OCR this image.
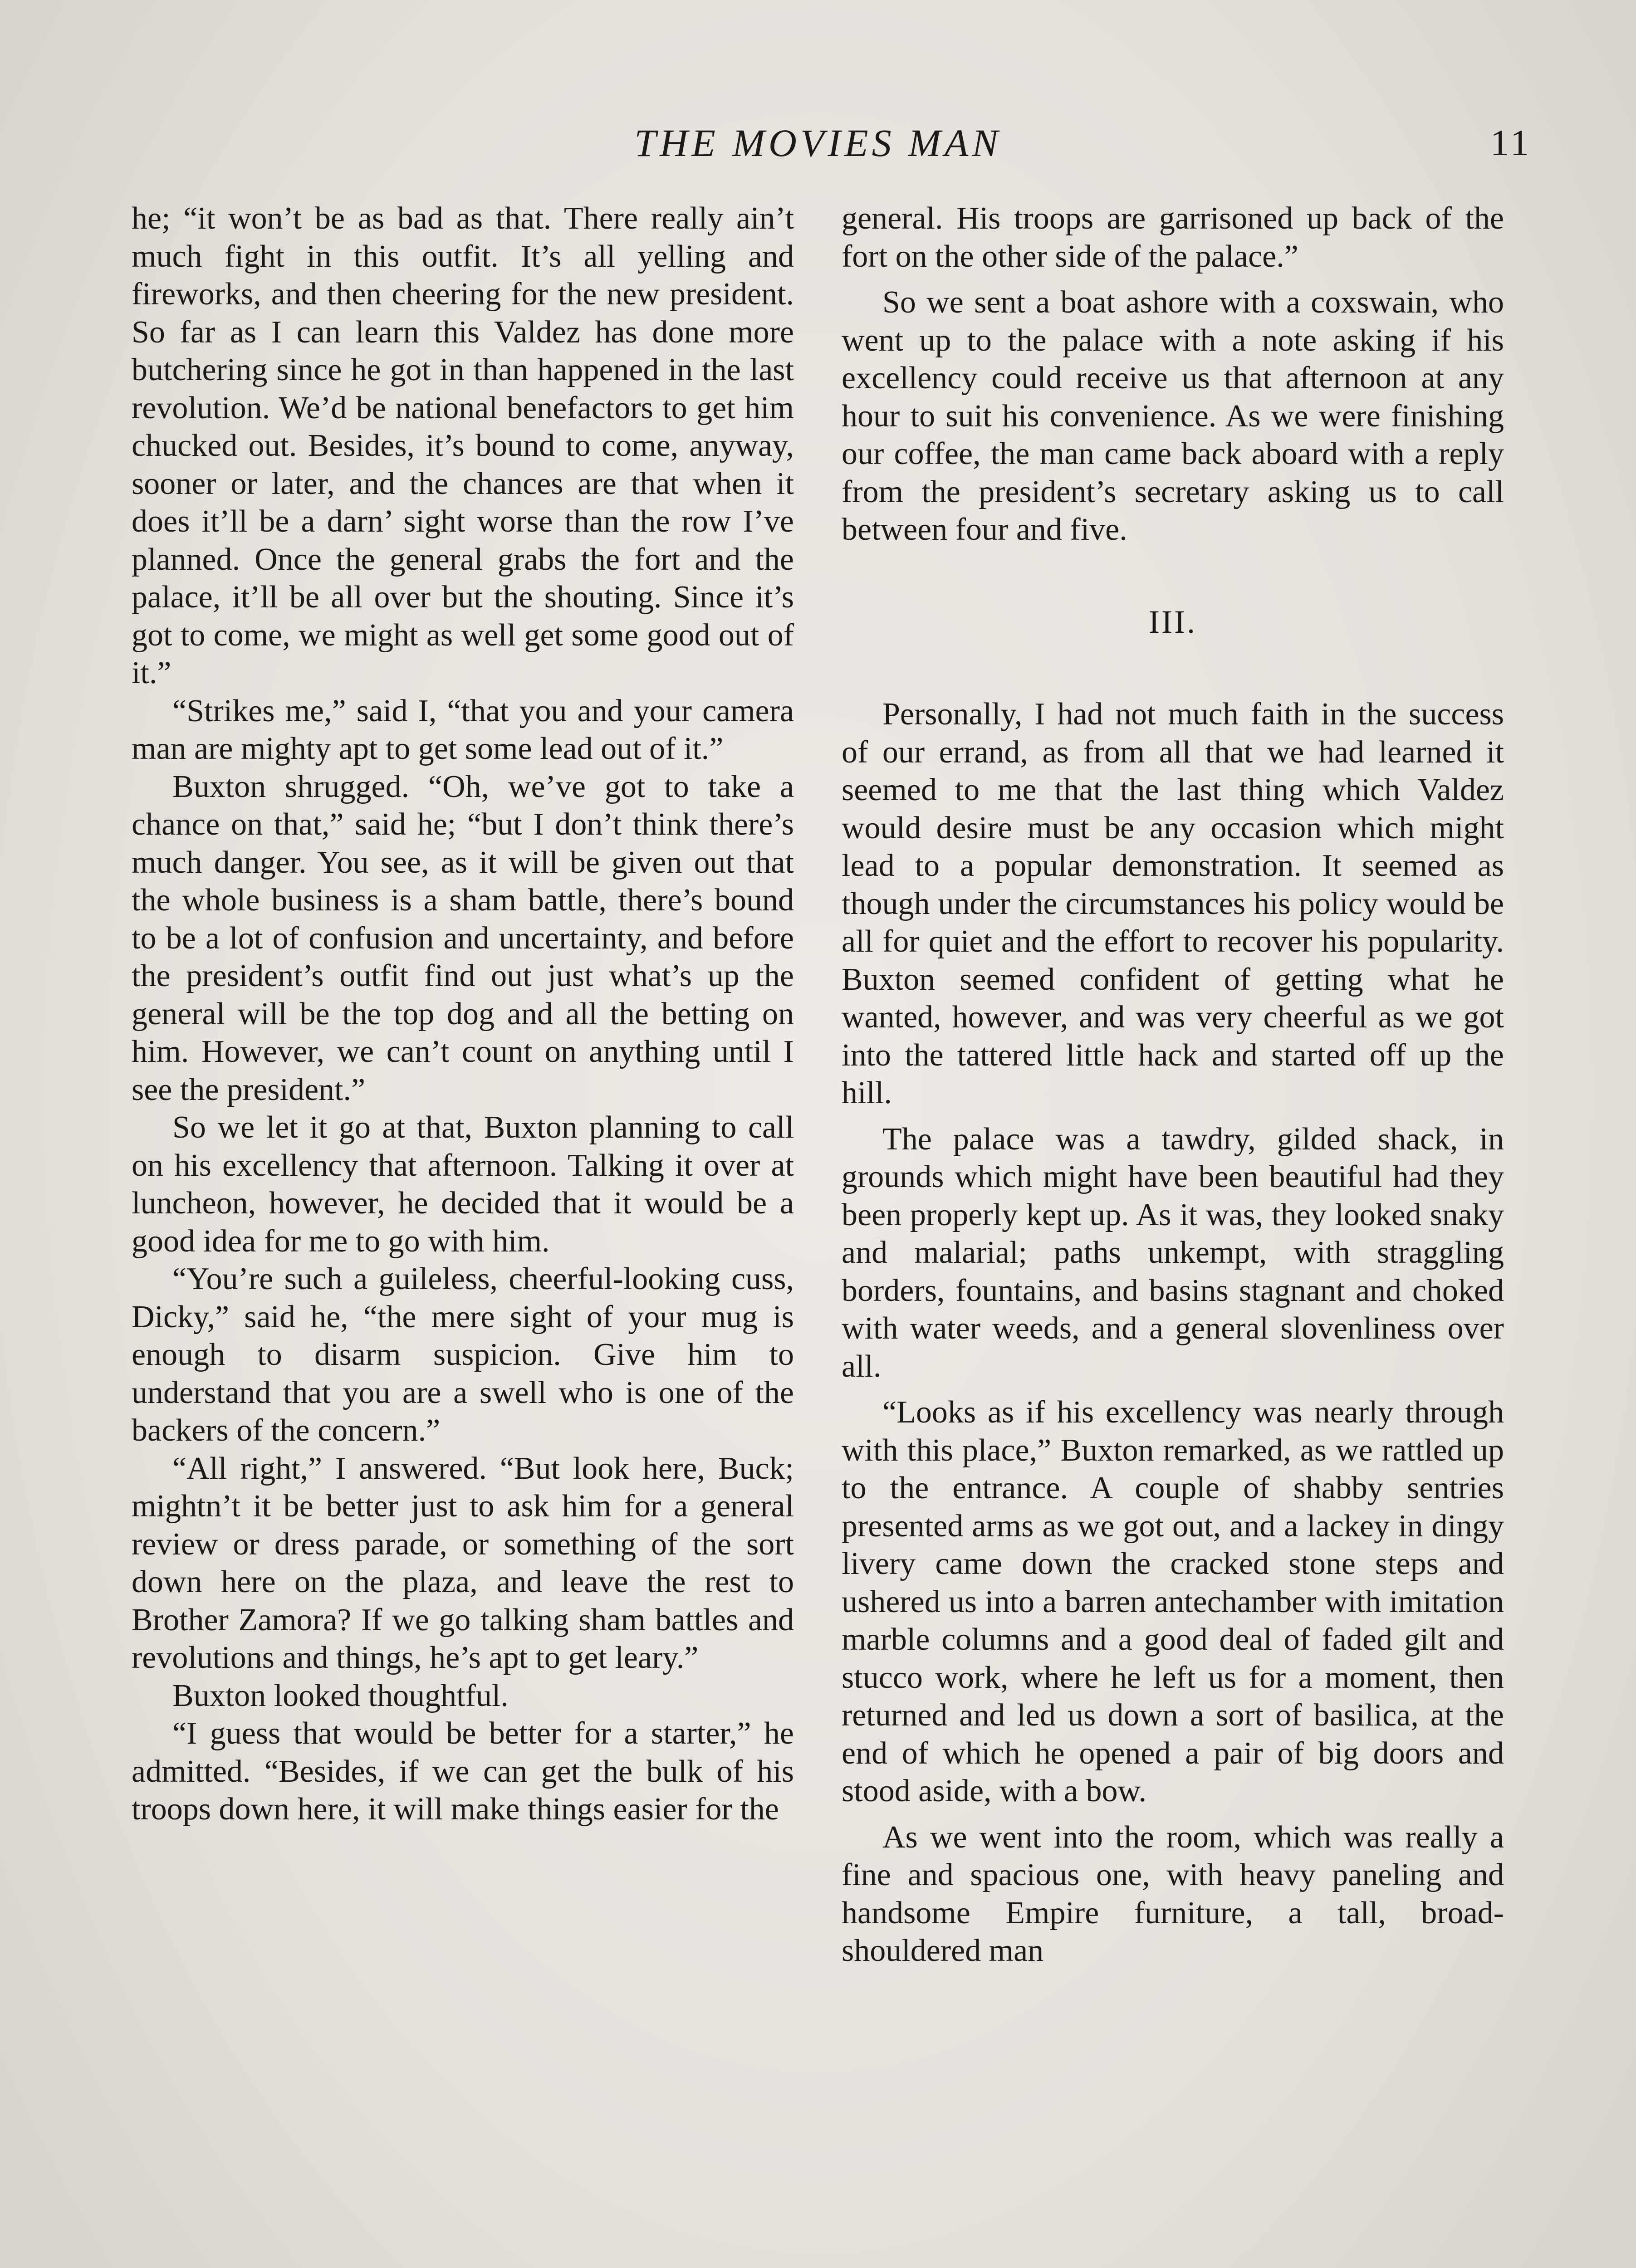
THE MOVIES MAN	11

he; “it won’t be as bad as that. There really ain’t much fight in this outfit. It’s all yelling and fireworks, and then cheering for the new president. So far as I can learn this Valdez has done more butchering since he got in than happened in the last revolution. We’d be national benefactors to get him chucked out. Besides, it’s bound to come, anyway, sooner or later, and the chances are that when it does it’ll be a darn’ sight worse than the row I’ve planned. Once the general grabs the fort and the palace, it’ll be all over but the shouting. Since it’s got to come, we might as well get some good out of it.”

“Strikes me,” said I, “that you and your camera man are mighty apt to get some lead out of it.”

Buxton shrugged. “Oh, we’ve got to take a chance on that,” said he; “but I don’t think there’s much danger. You see, as it will be given out that the whole business is a sham battle, there’s bound to be a lot of confusion and uncertainty, and before the president’s outfit find out just what’s up the general will be the top dog and all the betting on him. However, we can’t count on anything until I see the president.”

So we let it go at that, Buxton planning to call on his excellency that afternoon. Talking it over at luncheon, however, he decided that it would be a good idea for me to go with him.

“You’re such a guileless, cheerful-looking cuss, Dicky,” said he, “the mere sight of your mug is enough to disarm suspicion. Give him to understand that you are a swell who is one of the backers of the concern.”

“All right,” I answered. “But look here, Buck; mightn’t it be better just to ask him for a general review or dress parade, or something of the sort down here on the plaza, and leave the rest to Brother Zamora? If we go talking sham battles and revolutions and things, he’s apt to get leary.”

Buxton looked thoughtful.

“I guess that would be better for a starter,” he admitted. “Besides, if we can get the bulk of his troops down here, it will make things easier for the

general. His troops are garrisoned up back of the fort on the other side of the palace.”

So we sent a boat ashore with a coxswain, who went up to the palace with a note asking if his excellency could receive us that afternoon at any hour to suit his convenience. As we were finishing our coffee, the man came back aboard with a reply from the president’s secretary asking us to call between four and five.

III.

Personally, I had not much faith in the success of our errand, as from all that we had learned it seemed to me that the last thing which Valdez would desire must be any occasion which might lead to a popular demonstration. It seemed as though under the circumstances his policy would be all for quiet and the effort to recover his popularity. Buxton seemed confident of getting what he wanted, however, and was very cheerful as we got into the tattered little hack and started off up the hill.

The palace was a tawdry, gilded shack, in grounds which might have been beautiful had they been properly kept up. As it was, they looked snaky and malarial; paths unkempt, with straggling borders, fountains, and basins stagnant and choked with water weeds, and a general slovenliness over all.

“Looks as if his excellency was nearly through with this place,” Buxton remarked, as we rattled up to the entrance. A couple of shabby sentries presented arms as we got out, and a lackey in dingy livery came down the cracked stone steps and ushered us into a barren antechamber with imitation marble columns and a good deal of faded gilt and stucco work, where he left us for a moment, then returned and led us down a sort of basilica, at the end of which he opened a pair of big doors and stood aside, with a bow.

As we went into the room, which was really a fine and spacious one, with heavy paneling and handsome Empire furniture, a tall, broad-shouldered man
